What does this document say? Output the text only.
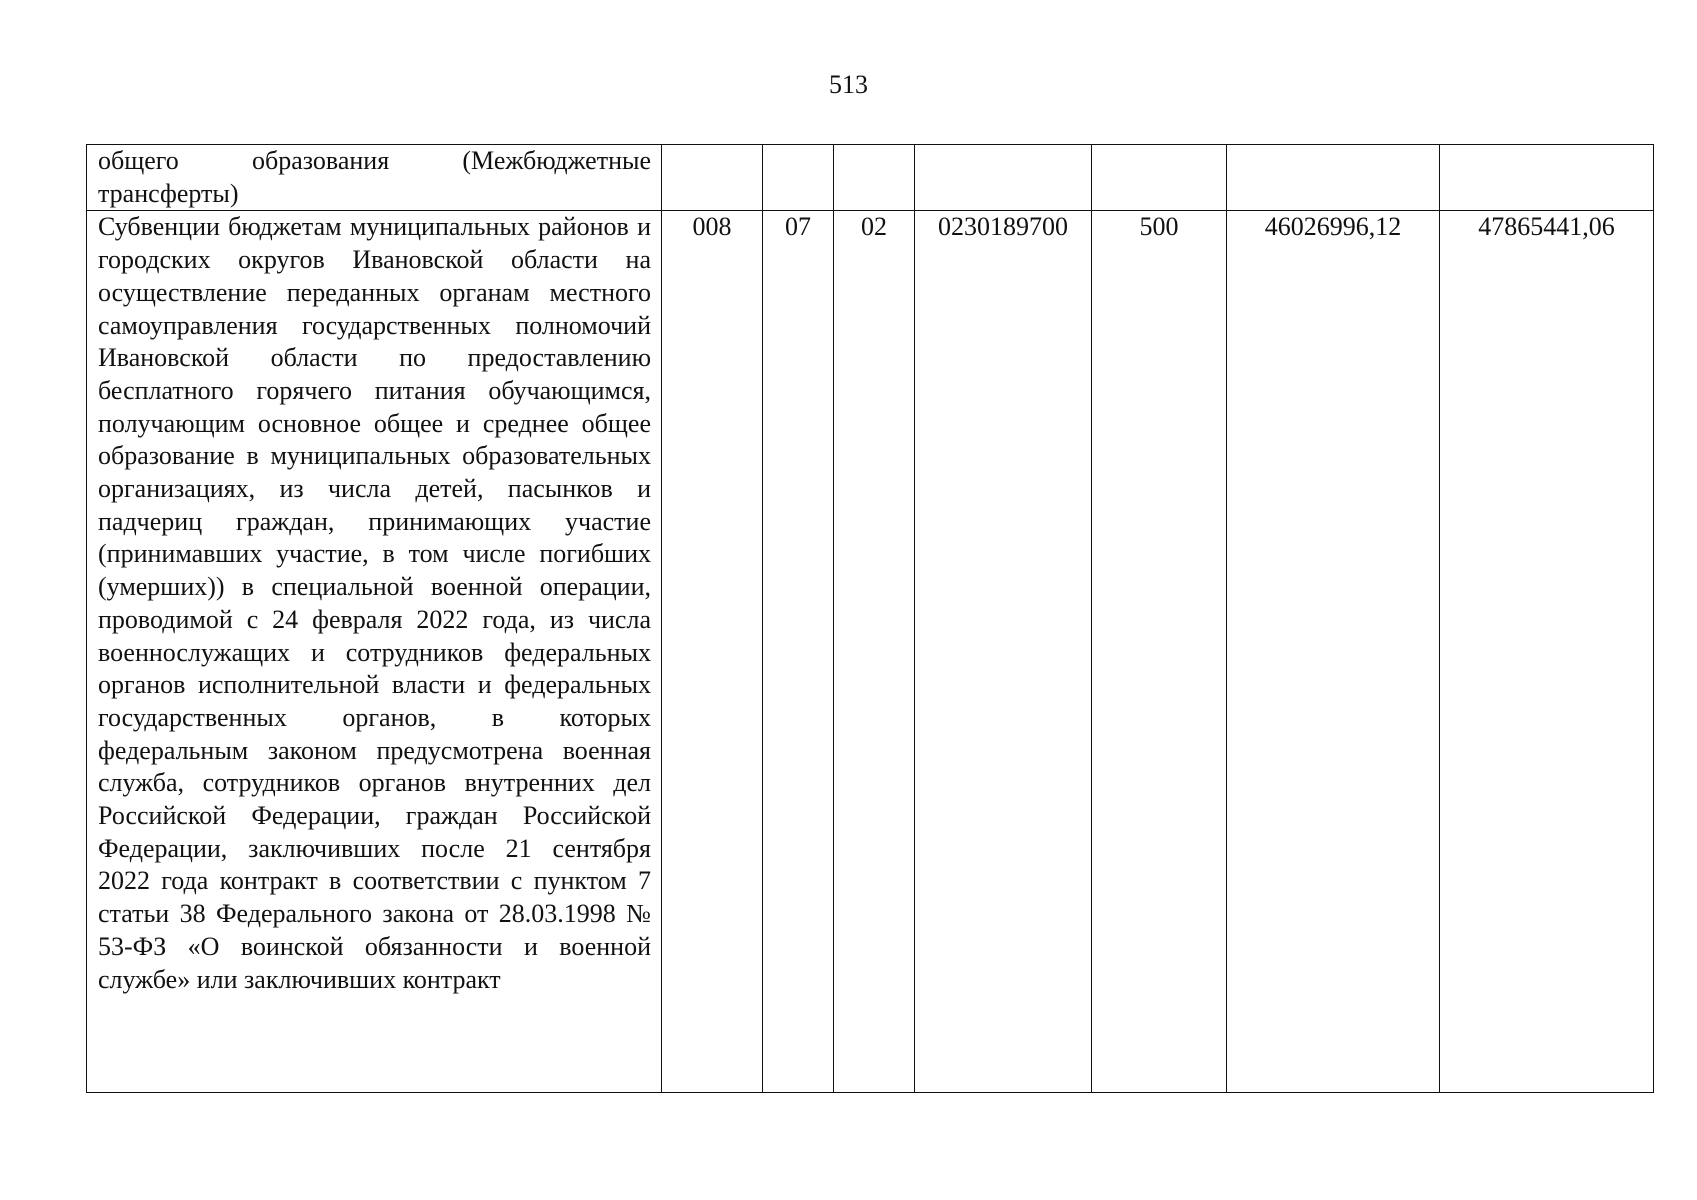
513
общего образования (Межбюджетные трансферты)							

Субвенции бюджетам муниципальных районов и городских округов Ивановской области на осуществление переданных органам местного самоуправления государственных полномочий Ивановской области по предоставлению бесплатного горячего питания обучающимся, получающим основное общее и среднее общее образование в муниципальных образовательных организациях, из числа детей, пасынков и падчериц граждан, принимающих участие (принимавших участие, в том числе погибших (умерших)) в специальной военной операции, проводимой с 24 февраля 2022 года, из числа военнослужащих и сотрудников федеральных органов исполнительной власти и федеральных государственных органов, в которых федеральным законом предусмотрена военная служба, сотрудников органов внутренних дел Российской Федерации, граждан Российской Федерации, заключивших после 21 сентября 2022 года контракт в соответствии с пунктом 7 статьи 38 Федерального закона от 28.03.1998 № 53-ФЗ «О воинской обязанности и военной службе» или заключивших контракт	008	07	02	0230189700	500	46026996,12	47865441,06
